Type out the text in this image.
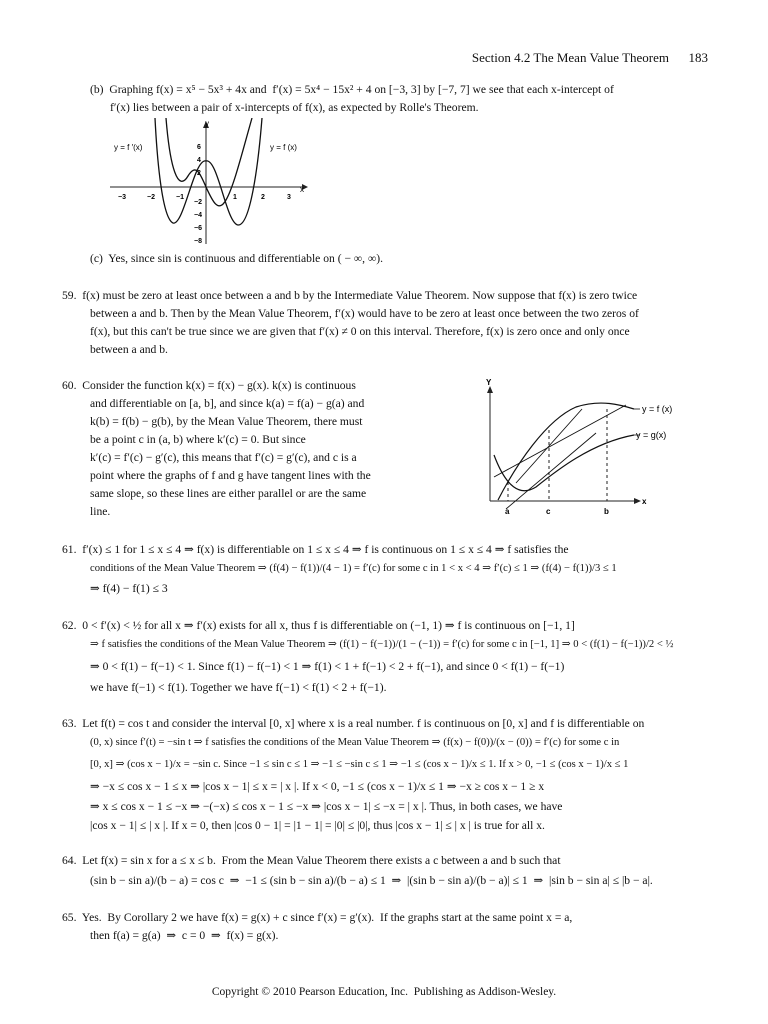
Section 4.2 The Mean Value Theorem 183
(b)  Graphing f(x) = x⁵ − 5x³ + 4x and  f′(x) = 5x⁴ − 15x² + 4 on [−3, 3] by [−7, 7] we see that each x-intercept of
f′(x) lies between a pair of x-intercepts of f(x), as expected by Rolle's Theorem.
x
y
−3	−2	−1	1	2	3
6
4
2
−2
−4
−6
−8
y = f ′(x)	y = f (x)
(c)  Yes, since sin is continuous and differentiable on ( − ∞, ∞).
59.  f(x) must be zero at least once between a and b by the Intermediate Value Theorem. Now suppose that f(x) is zero twice
between a and b. Then by the Mean Value Theorem, f′(x) would have to be zero at least once between the two zeros of
f(x), but this can't be true since we are given that f′(x) ≠ 0 on this interval. Therefore, f(x) is zero once and only once
between a and b.
60.  Consider the function k(x) = f(x) − g(x). k(x) is continuous
and differentiable on [a, b], and since k(a) = f(a) − g(a) and
k(b) = f(b) − g(b), by the Mean Value Theorem, there must
be a point c in (a, b) where k′(c) = 0. But since
k′(c) = f′(c) − g′(c), this means that f′(c) = g′(c), and c is a
point where the graphs of f and g have tangent lines with the
same slope, so these lines are either parallel or are the same
line.
Y
x
y = f (x)
y = g(x)
a	c	b
61.  f′(x) ≤ 1 for 1 ≤ x ≤ 4 ⇒ f(x) is differentiable on 1 ≤ x ≤ 4 ⇒ f is continuous on 1 ≤ x ≤ 4 ⇒ f satisfies the
conditions of the Mean Value Theorem ⇒ (f(4) − f(1))/(4 − 1) = f′(c) for some c in 1 < x < 4 ⇒ f′(c) ≤ 1 ⇒ (f(4) − f(1))/3 ≤ 1
⇒ f(4) − f(1) ≤ 3
62.  0 < f′(x) < ½ for all x ⇒ f′(x) exists for all x, thus f is differentiable on (−1, 1) ⇒ f is continuous on [−1, 1]
⇒ f satisfies the conditions of the Mean Value Theorem ⇒ (f(1) − f(−1))/(1 − (−1)) = f′(c) for some c in [−1, 1] ⇒ 0 < (f(1) − f(−1))/2 < ½
⇒ 0 < f(1) − f(−1) < 1. Since f(1) − f(−1) < 1 ⇒ f(1) < 1 + f(−1) < 2 + f(−1), and since 0 < f(1) − f(−1)
we have f(−1) < f(1). Together we have f(−1) < f(1) < 2 + f(−1).
63.  Let f(t) = cos t and consider the interval [0, x] where x is a real number. f is continuous on [0, x] and f is differentiable on
(0, x) since f′(t) = −sin t ⇒ f satisfies the conditions of the Mean Value Theorem ⇒ (f(x) − f(0))/(x − (0)) = f′(c) for some c in
[0, x] ⇒ (cos x − 1)/x = −sin c. Since −1 ≤ sin c ≤ 1 ⇒ −1 ≤ −sin c ≤ 1 ⇒ −1 ≤ (cos x − 1)/x ≤ 1. If x > 0, −1 ≤ (cos x − 1)/x ≤ 1
⇒ −x ≤ cos x − 1 ≤ x ⇒ |cos x − 1| ≤ x = | x |. If x < 0, −1 ≤ (cos x − 1)/x ≤ 1 ⇒ −x ≥ cos x − 1 ≥ x
⇒ x ≤ cos x − 1 ≤ −x ⇒ −(−x) ≤ cos x − 1 ≤ −x ⇒ |cos x − 1| ≤ −x = | x |. Thus, in both cases, we have
|cos x − 1| ≤ | x |. If x = 0, then |cos 0 − 1| = |1 − 1| = |0| ≤ |0|, thus |cos x − 1| ≤ | x | is true for all x.
64.  Let f(x) = sin x for a ≤ x ≤ b.  From the Mean Value Theorem there exists a c between a and b such that
(sin b − sin a)/(b − a) = cos c  ⇒  −1 ≤ (sin b − sin a)/(b − a) ≤ 1  ⇒  |(sin b − sin a)/(b − a)| ≤ 1  ⇒  |sin b − sin a| ≤ |b − a|.
65.  Yes.  By Corollary 2 we have f(x) = g(x) + c since f′(x) = g′(x).  If the graphs start at the same point x = a,
then f(a) = g(a)  ⇒  c = 0  ⇒  f(x) = g(x).
Copyright © 2010 Pearson Education, Inc.  Publishing as Addison-Wesley.
